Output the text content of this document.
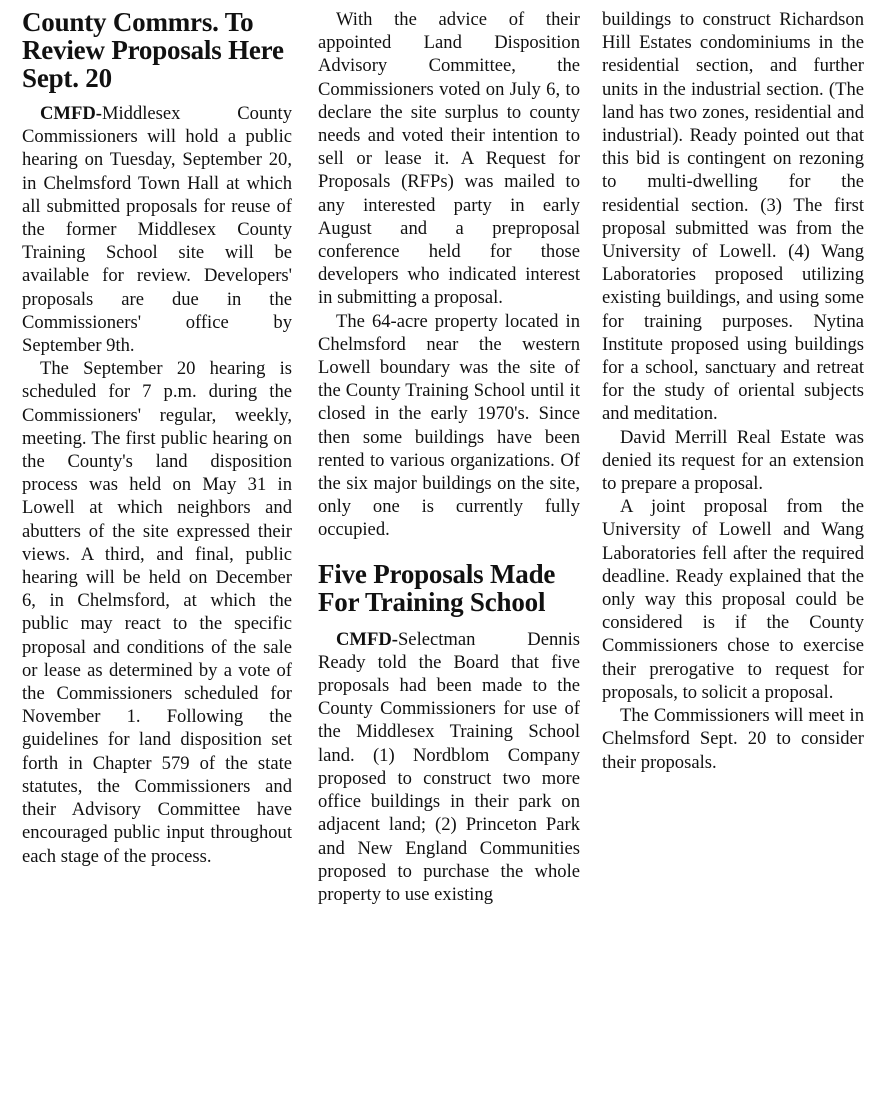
County Commrs. To Review Proposals Here Sept. 20

CMFD-Middlesex County Commissioners will hold a public hearing on Tuesday, September 20, in Chelmsford Town Hall at which all submitted proposals for reuse of the former Middlesex County Training School site will be available for review. Developers' proposals are due in the Commissioners' office by September 9th.

The September 20 hearing is scheduled for 7 p.m. during the Commissioners' regular, weekly, meeting. The first public hearing on the County's land disposition process was held on May 31 in Lowell at which neighbors and abutters of the site expressed their views. A third, and final, public hearing will be held on December 6, in Chelmsford, at which the public may react to the specific proposal and conditions of the sale or lease as determined by a vote of the Commissioners scheduled for November 1. Following the guidelines for land disposition set forth in Chapter 579 of the state statutes, the Commissioners and their Advisory Committee have encouraged public input throughout each stage of the process.

With the advice of their appointed Land Disposition Advisory Committee, the Commissioners voted on July 6, to declare the site surplus to county needs and voted their intention to sell or lease it. A Request for Proposals (RFPs) was mailed to any interested party in early August and a preproposal conference held for those developers who indicated interest in submitting a proposal.

The 64-acre property located in Chelmsford near the western Lowell boundary was the site of the County Training School until it closed in the early 1970's. Since then some buildings have been rented to various organizations. Of the six major buildings on the site, only one is currently fully occupied.

Five Proposals Made For Training School

CMFD-Selectman Dennis Ready told the Board that five proposals had been made to the County Commissioners for use of the Middlesex Training School land. (1) Nordblom Company proposed to construct two more office buildings in their park on adjacent land; (2) Princeton Park and New England Communities proposed to purchase the whole property to use existing

buildings to construct Richardson Hill Estates condominiums in the residential section, and further units in the industrial section. (The land has two zones, residential and industrial). Ready pointed out that this bid is contingent on rezoning to multi-dwelling for the residential section. (3) The first proposal submitted was from the University of Lowell. (4) Wang Laboratories proposed utilizing existing buildings, and using some for training purposes. Nytina Institute proposed using buildings for a school, sanctuary and retreat for the study of oriental subjects and meditation.

David Merrill Real Estate was denied its request for an extension to prepare a proposal.

A joint proposal from the University of Lowell and Wang Laboratories fell after the required deadline. Ready explained that the only way this proposal could be considered is if the County Commissioners chose to exercise their prerogative to request for proposals, to solicit a proposal.

The Commissioners will meet in Chelmsford Sept. 20 to consider their proposals.
